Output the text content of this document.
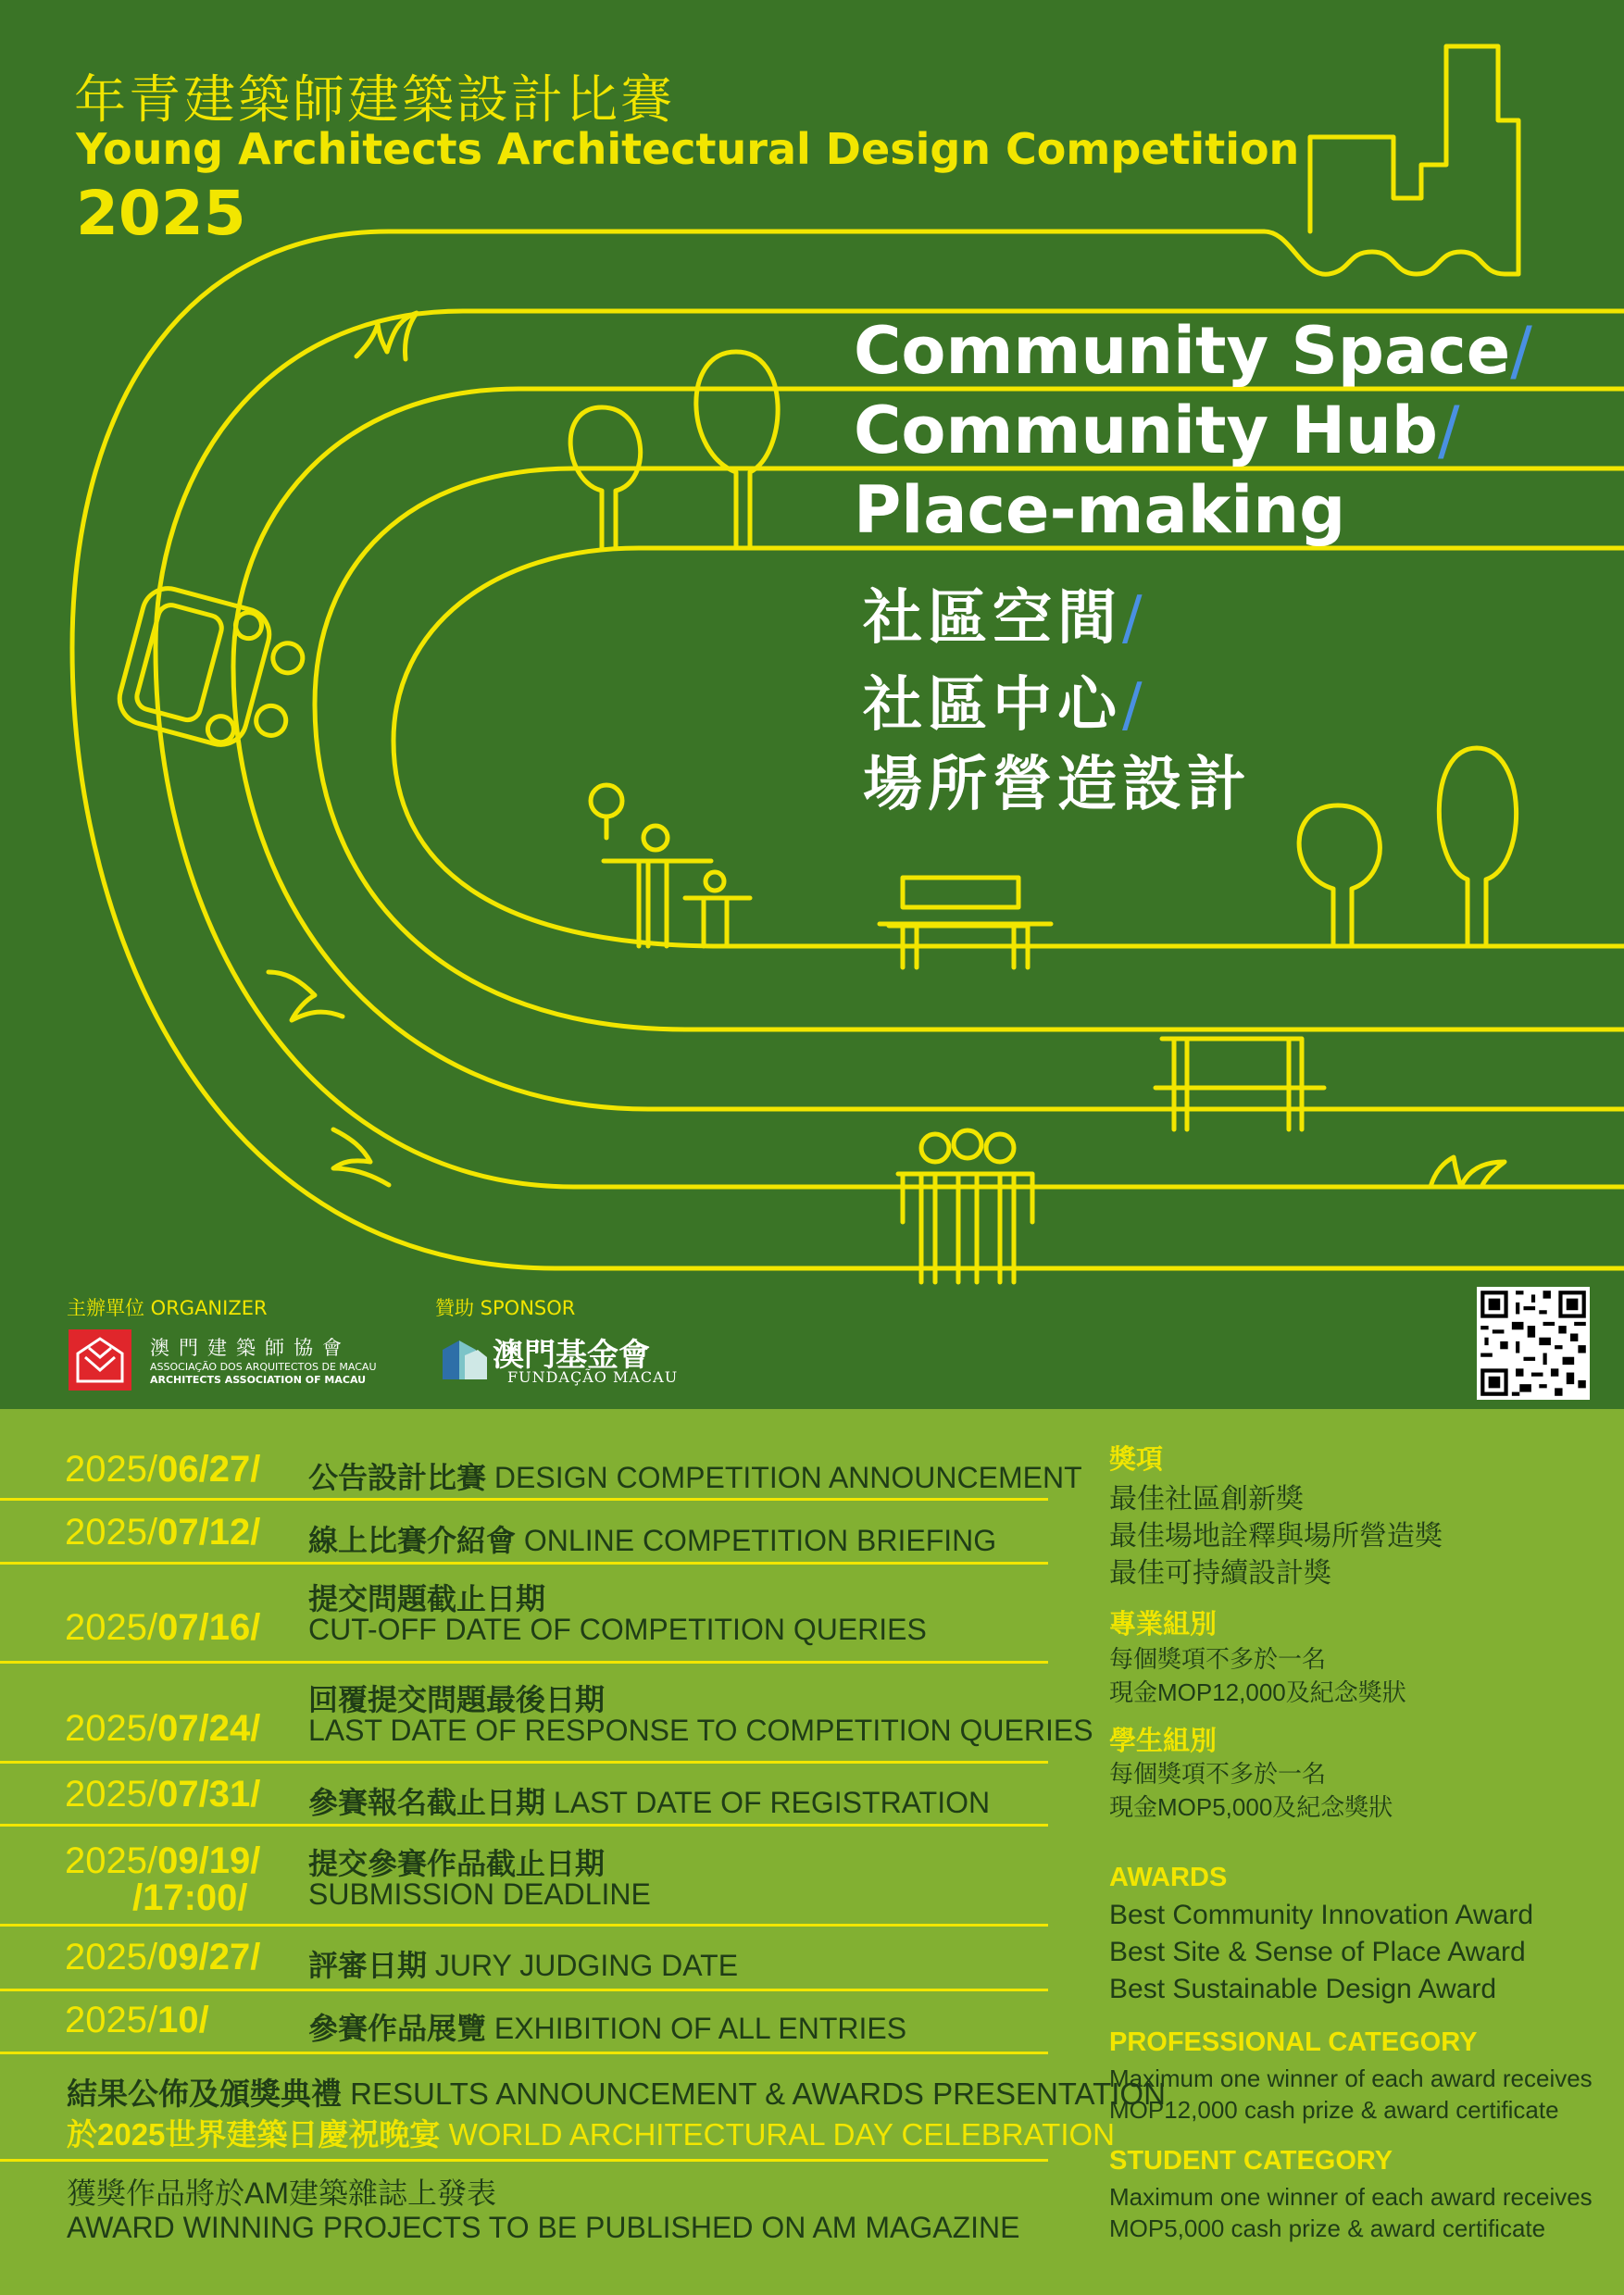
年青建築師建築設計比賽
Young Architects Architectural Design Competition
2025
Community Space/
Community Hub/
Place-making
社區空間/
社區中心/
場所營造設計
主辦單位 ORGANIZER
澳門建築師協會
ASSOCIAÇÃO DOS ARQUITECTOS DE MACAU
ARCHITECTS ASSOCIATION OF MACAU
贊助 SPONSOR
澳門基金會
FUNDAÇÃO MACAU
2025/06/27/ 公告設計比賽 DESIGN COMPETITION ANNOUNCEMENT
2025/07/12/ 線上比賽介紹會 ONLINE COMPETITION BRIEFING
2025/07/16/
提交問題截止日期
CUT-OFF DATE OF COMPETITION QUERIES
2025/07/24/
回覆提交問題最後日期
LAST DATE OF RESPONSE TO COMPETITION QUERIES
2025/07/31/ 參賽報名截止日期 LAST DATE OF REGISTRATION
2025/09/19/
/17:00/
提交參賽作品截止日期
SUBMISSION DEADLINE
2025/09/27/ 評審日期 JURY JUDGING DATE
2025/10/	參賽作品展覽 EXHIBITION OF ALL ENTRIES
結果公佈及頒獎典禮 RESULTS ANNOUNCEMENT & AWARDS PRESENTATION
於2025世界建築日慶祝晚宴 WORLD ARCHITECTURAL DAY CELEBRATION
獲獎作品將於AM建築雜誌上發表
AWARD WINNING PROJECTS TO BE PUBLISHED ON AM MAGAZINE
獎項
最佳社區創新獎
最佳場地詮釋與場所營造獎
最佳可持續設計獎
專業組別
每個獎項不多於一名
現金MOP12,000及紀念獎狀
學生組別
每個獎項不多於一名
現金MOP5,000及紀念獎狀
AWARDS
Best Community Innovation Award
Best Site & Sense of Place Award
Best Sustainable Design Award
PROFESSIONAL CATEGORY
Maximum one winner of each award receives
MOP12,000 cash prize & award certificate
STUDENT CATEGORY
Maximum one winner of each award receives
MOP5,000 cash prize & award certificate
